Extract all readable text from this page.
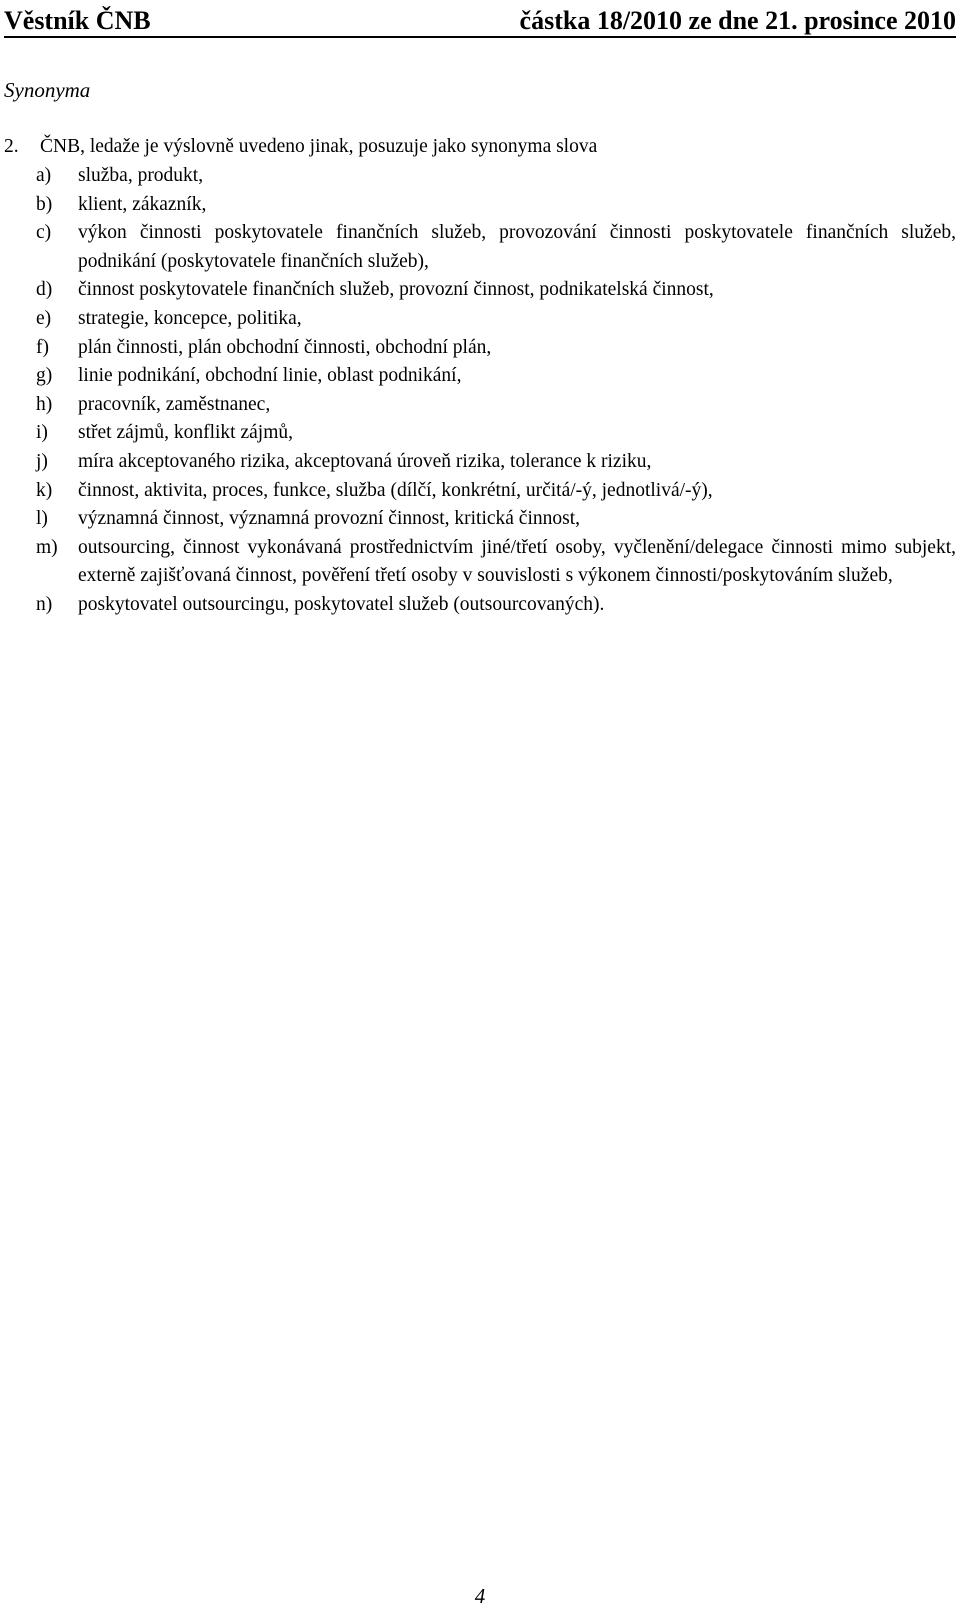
Věstník ČNB	částka 18/2010 ze dne 21. prosince 2010
Synonyma
2.	ČNB, ledaže je výslovně uvedeno jinak, posuzuje jako synonyma slova
a)	služba, produkt,
b)	klient, zákazník,
c)	výkon činnosti poskytovatele finančních služeb, provozování činnosti poskytovatele finančních služeb, podnikání (poskytovatele finančních služeb),
d)	činnost poskytovatele finančních služeb, provozní činnost, podnikatelská činnost,
e)	strategie, koncepce, politika,
f)	plán činnosti, plán obchodní činnosti, obchodní plán,
g)	linie podnikání, obchodní linie, oblast podnikání,
h)	pracovník, zaměstnanec,
i)	střet zájmů, konflikt zájmů,
j)	míra akceptovaného rizika, akceptovaná úroveň rizika, tolerance k riziku,
k)	činnost, aktivita, proces, funkce, služba (dílčí, konkrétní, určitá/-ý, jednotlivá/-ý),
l)	významná činnost, významná provozní činnost, kritická činnost,
m)	outsourcing, činnost vykonávaná prostřednictvím jiné/třetí osoby, vyčlenění/delegace činnosti mimo subjekt, externě zajišťovaná činnost, pověření třetí osoby v souvislosti s výkonem činnosti/poskytováním služeb,
n)	poskytovatel outsourcingu, poskytovatel služeb (outsourcovaných).
4
